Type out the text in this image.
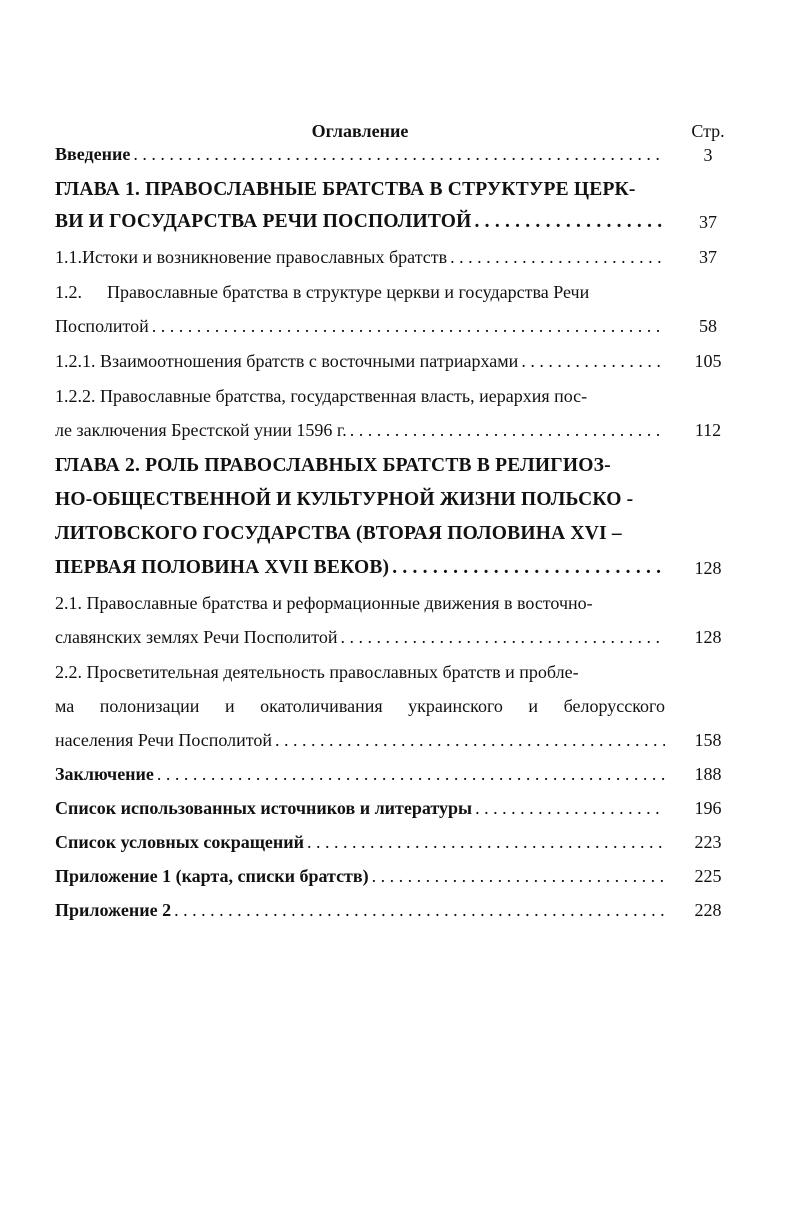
Оглавление	Стр.
Введение . . .	3
ГЛАВА 1. ПРАВОСЛАВНЫЕ БРАТСТВА В СТРУКТУРЕ ЦЕРК-
ВИ И ГОСУДАРСТВА РЕЧИ ПОСПОЛИТОЙ . . .	37
1.1. Истоки и возникновение православных братств . . .	37
1.2.	Православные братства в структуре церкви и государства Речи
Посполитой . . .	58
1.2.1. Взаимоотношения братств с восточными патриархами . . .	105
1.2.2. Православные братства, государственная власть, иерархия пос-
ле заключения Брестской унии 1596 г. . . .	112
ГЛАВА 2. РОЛЬ ПРАВОСЛАВНЫХ БРАТСТВ В РЕЛИГИОЗ-
НО-ОБЩЕСТВЕННОЙ И КУЛЬТУРНОЙ ЖИЗНИ ПОЛЬСКО -
ЛИТОВСКОГО ГОСУДАРСТВА (ВТОРАЯ ПОЛОВИНА XVI –
ПЕРВАЯ ПОЛОВИНА XVII ВЕКОВ) . . .	128
2.1. Православные братства и реформационные движения в восточно-
славянских землях Речи Посполитой . . .	128
2.2. Просветительная деятельность православных братств и пробле-
ма полонизации и окатоличивания украинского и белорусского
населения Речи Посполитой . . .	158
Заключение . . .	188
Список использованных источников и литературы . . .	196
Список условных сокращений . . .	223
Приложение 1 (карта, списки братств) . . .	225
Приложение 2 . . .	228
